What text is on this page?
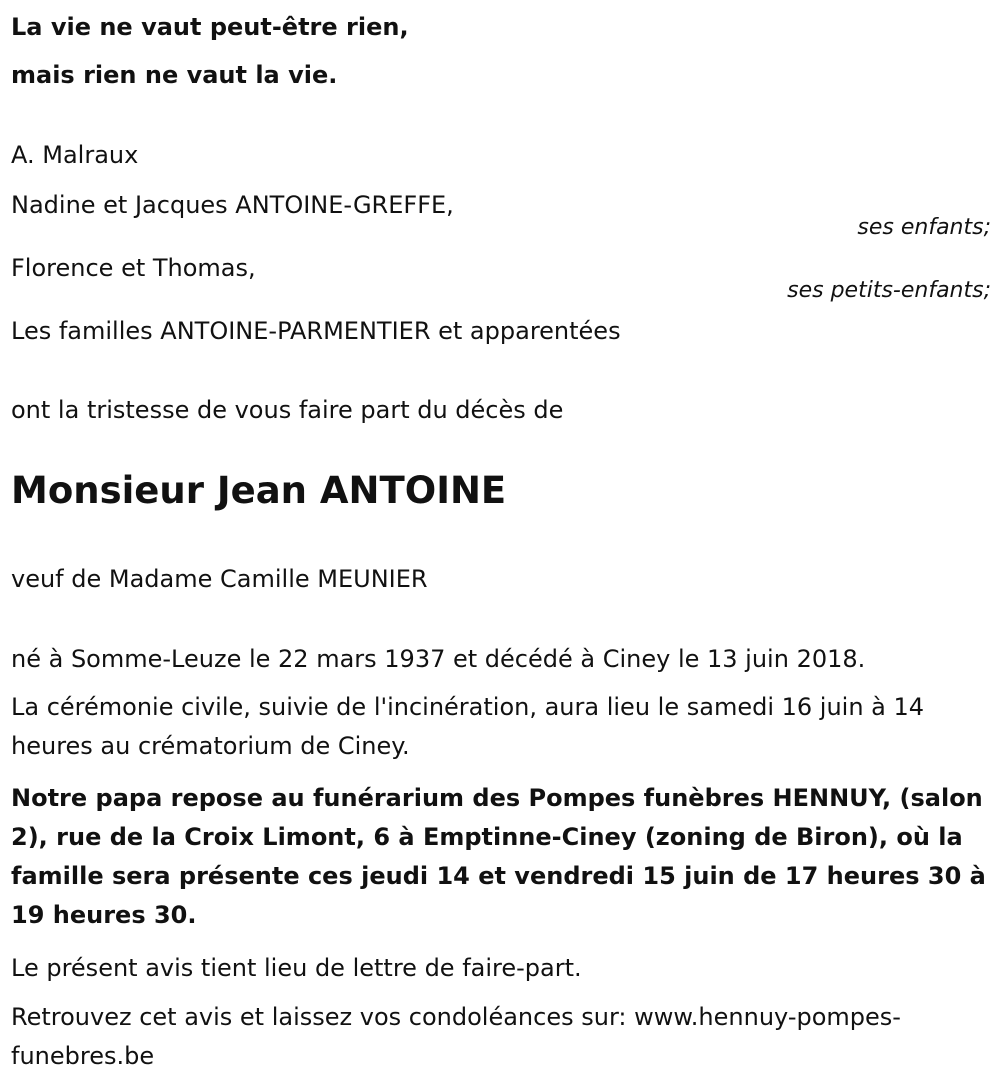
La vie ne vaut peut-être rien,
mais rien ne vaut la vie.
A. Malraux
Nadine et Jacques ANTOINE-GREFFE,
ses enfants;
Florence et Thomas,
ses petits-enfants;
Les familles ANTOINE-PARMENTIER et apparentées
ont la tristesse de vous faire part du décès de
Monsieur Jean ANTOINE
veuf de Madame Camille MEUNIER
né à Somme-Leuze le 22 mars 1937 et décédé à Ciney le 13 juin 2018.
La cérémonie civile, suivie de l'incinération, aura lieu le samedi 16 juin à 14 heures au crématorium de Ciney.
Notre papa repose au funérarium des Pompes funèbres HENNUY, (salon 2), rue de la Croix Limont, 6 à Emptinne-Ciney (zoning de Biron), où la famille sera présente ces jeudi 14 et vendredi 15 juin de 17 heures 30 à 19 heures 30.
Le présent avis tient lieu de lettre de faire-part.
Retrouvez cet avis et laissez vos condoléances sur: www.hennuy-pompes-funebres.be
